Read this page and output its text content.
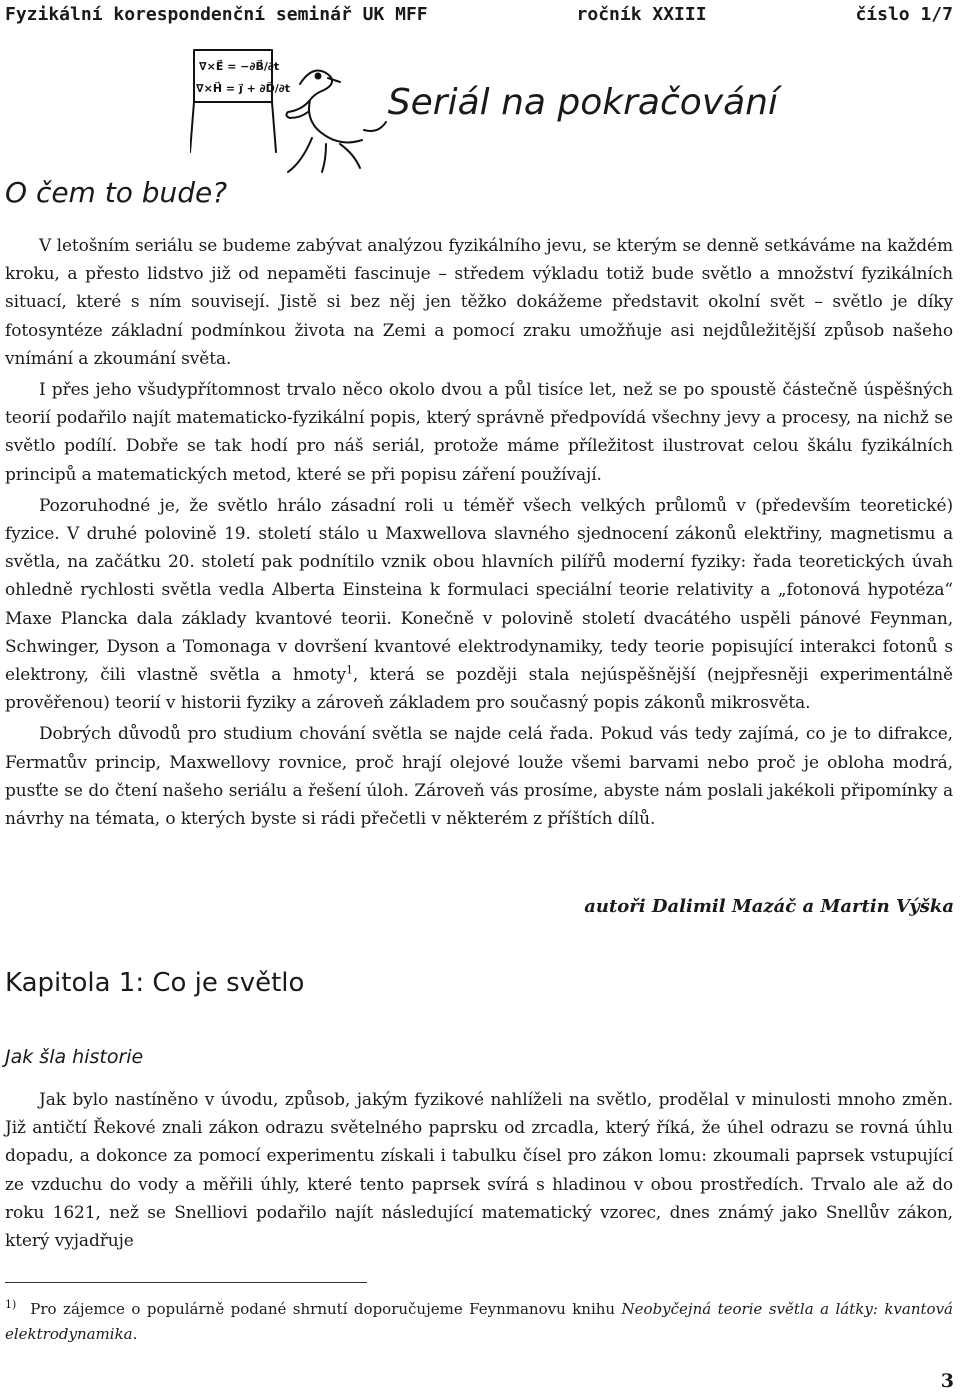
Fyzikální korespondenční seminář UK MFF	ročník XXIII	číslo 1/7
∇×E⃗ = −∂B⃗/∂t
∇×H⃗ = j⃗ + ∂D⃗/∂t	Seriál na pokračování
O čem to bude?

V letošním seriálu se budeme zabývat analýzou fyzikálního jevu, se kterým se denně setkáváme na každém kroku, a přesto lidstvo již od nepaměti fascinuje – středem výkladu totiž bude světlo a množství fyzikálních situací, které s ním souvisejí. Jistě si bez něj jen těžko dokážeme představit okolní svět – světlo je díky fotosyntéze základní podmínkou života na Zemi a pomocí zraku umožňuje asi nejdůležitější způsob našeho vnímání a zkoumání světa.

I přes jeho všudypřítomnost trvalo něco okolo dvou a půl tisíce let, než se po spoustě částečně úspěšných teorií podařilo najít matematicko-fyzikální popis, který správně předpovídá všechny jevy a procesy, na nichž se světlo podílí. Dobře se tak hodí pro náš seriál, protože máme příležitost ilustrovat celou škálu fyzikálních principů a matematických metod, které se při popisu záření používají.

Pozoruhodné je, že světlo hrálo zásadní roli u téměř všech velkých průlomů v (především teoretické) fyzice. V druhé polovině 19. století stálo u Maxwellova slavného sjednocení zákonů elektřiny, magnetismu a světla, na začátku 20. století pak podnítilo vznik obou hlavních pilířů moderní fyziky: řada teoretických úvah ohledně rychlosti světla vedla Alberta Einsteina k formulaci speciální teorie relativity a „fotonová hypotéza“ Maxe Plancka dala základy kvantové teorii. Konečně v polovině století dvacátého uspěli pánové Feynman, Schwinger, Dyson a Tomonaga v dovršení kvantové elektrodynamiky, tedy teorie popisující interakci fotonů s elektrony, čili vlastně světla a hmoty$^1$, která se později stala nejúspěšnější (nejpřesněji experimentálně prověřenou) teorií v historii fyziky a zároveň základem pro současný popis zákonů mikrosvěta.

Dobrých důvodů pro studium chování světla se najde celá řada. Pokud vás tedy zajímá, co je to difrakce, Fermatův princip, Maxwellovy rovnice, proč hrají olejové louže všemi barvami nebo proč je obloha modrá, pusťte se do čtení našeho seriálu a řešení úloh. Zároveň vás prosíme, abyste nám poslali jakékoli připomínky a návrhy na témata, o kterých byste si rádi přečetli v některém z příštích dílů.

autoři Dalimil Mazáč a Martin Výška
Kapitola 1: Co je světlo
Jak šla historie

Jak bylo nastíněno v úvodu, způsob, jakým fyzikové nahlíželi na světlo, prodělal v minulosti mnoho změn. Již antičtí Řekové znali zákon odrazu světelného paprsku od zrcadla, který říká, že úhel odrazu se rovná úhlu dopadu, a dokonce za pomocí experimentu získali i tabulku čísel pro zákon lomu: zkoumali paprsek vstupující ze vzduchu do vody a měřili úhly, které tento paprsek svírá s hladinou v obou prostředích. Trvalo ale až do roku 1621, než se Snelliovi podařilo najít následující matematický vzorec, dnes známý jako Snellův zákon, který vyjadřuje

$^{1)}$ Pro zájemce o populárně podané shrnutí doporučujeme Feynmanovu knihu Neobyčejná teorie světla a látky: kvantová elektrodynamika.
3
